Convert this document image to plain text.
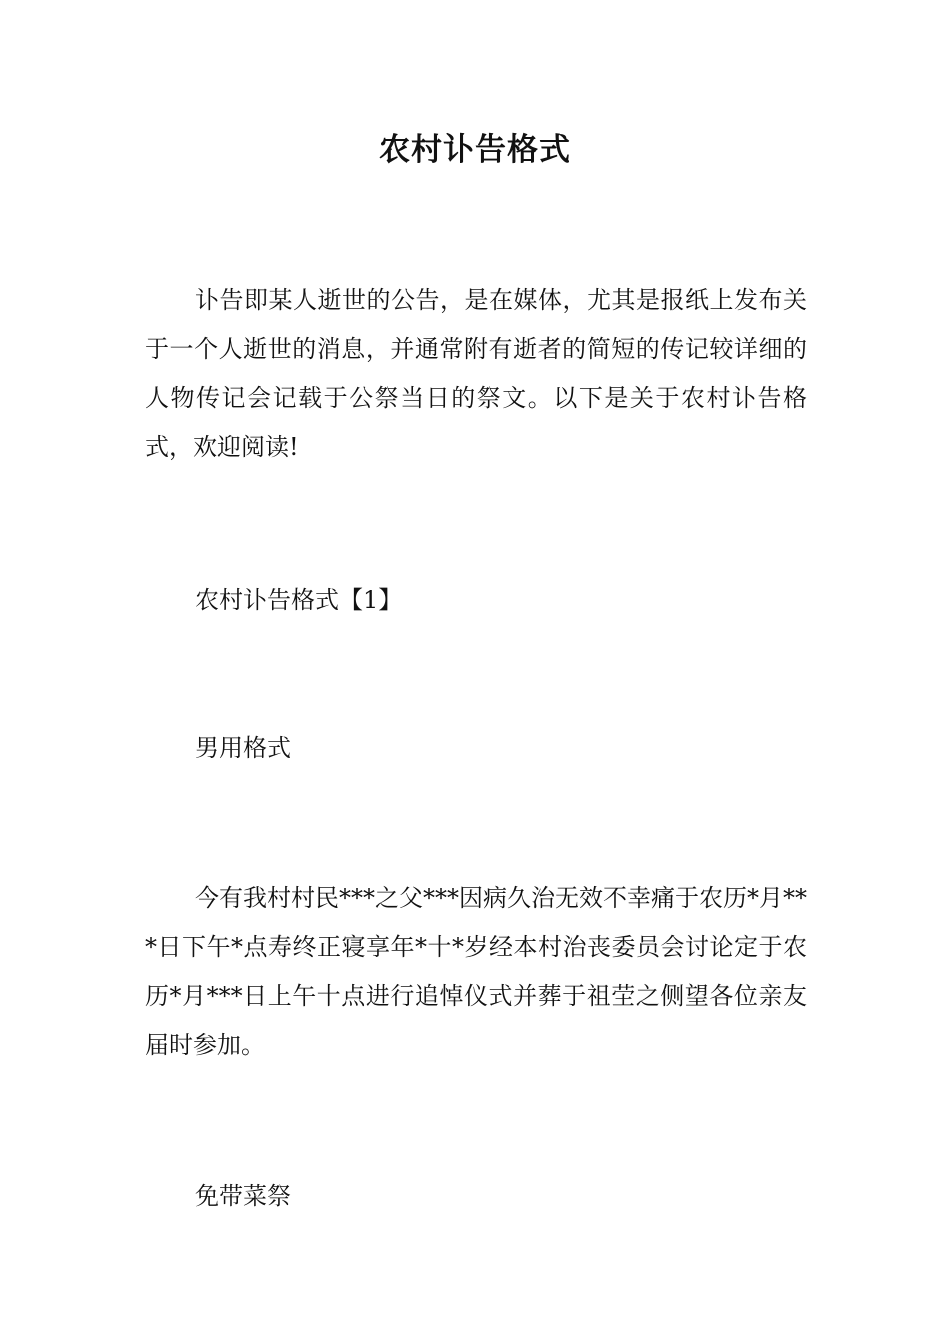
农村讣告格式

讣告即某人逝世的公告，是在媒体，尤其是报纸上发布关于一个人逝世的消息，并通常附有逝者的简短的传记较详细的人物传记会记载于公祭当日的祭文。以下是关于农村讣告格式，欢迎阅读!

农村讣告格式【1】

男用格式

今有我村村民***之父***因病久治无效不幸痛于农历*月***日下午*点寿终正寝享年*十*岁经本村治丧委员会讨论定于农历*月***日上午十点进行追悼仪式并葬于祖茔之侧望各位亲友届时参加。

免带菜祭
